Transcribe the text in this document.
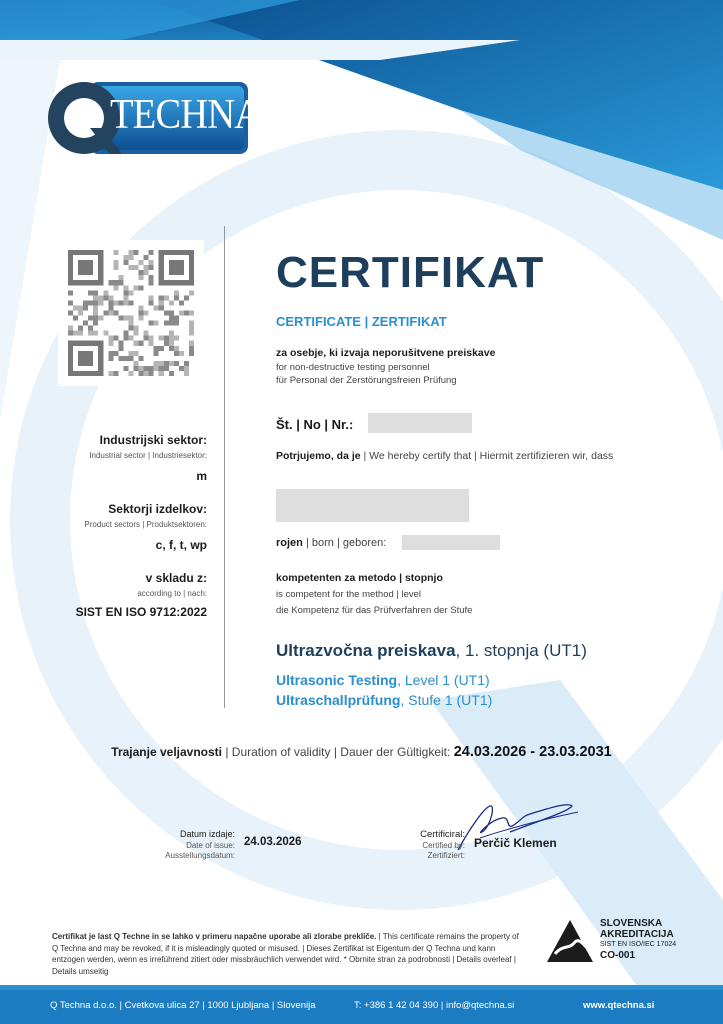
TECHNA
Industrijski sektor:
Industrial sector | Industriesektor:
m
Sektorji izdelkov:
Product sectors | Produktsektoren:
c, f, t, wp
v skladu z:
according to | nach:
SIST EN ISO 9712:2022
CERTIFIKAT
CERTIFICATE | ZERTIFIKAT
za osebje, ki izvaja neporušitvene preiskave
for non-destructive testing personnel
für Personal der Zerstörungsfreien Prüfung
Št. | No | Nr.:
Potrjujemo, da je | We hereby certify that | Hiermit zertifizieren wir, dass
rojen | born | geboren:
kompetenten za metodo | stopnjo
is competent for the method | level
die Kompetenz für das Prüfverfahren der Stufe
Ultrazvočna preiskava, 1. stopnja (UT1)
Ultrasonic Testing, Level 1 (UT1)
Ultraschallprüfung, Stufe 1 (UT1)
Trajanje veljavnosti | Duration of validity | Dauer der Gültigkeit: 24.03.2026 - 23.03.2031
Datum izdaje:
Date of issue:
Ausstellungsdatum:
24.03.2026
Certificiral:
Certified by:
Zertifiziert:
Perčič Klemen
Certifikat je last Q Techne in se lahko v primeru napačne uporabe ali zlorabe prekliče. | This certificate remains the property of Q Techna and may be revoked, if it is misleadingly quoted or misused. | Dieses Zertifikat ist Eigentum der Q Techna und kann entzogen werden, wenn es irreführend zitiert oder missbräuchlich verwendet wird. * Obrnite stran za podrobnosti | Details overleaf | Details umseitig
SLOVENSKA
AKREDITACIJA
SIST EN ISO/IEC 17024
CO-001
Q Techna d.o.o. | Cvetkova ulica 27 | 1000 Ljubljana | Slovenija	T: +386 1 42 04 390 | info@qtechna.si	www.qtechna.si
